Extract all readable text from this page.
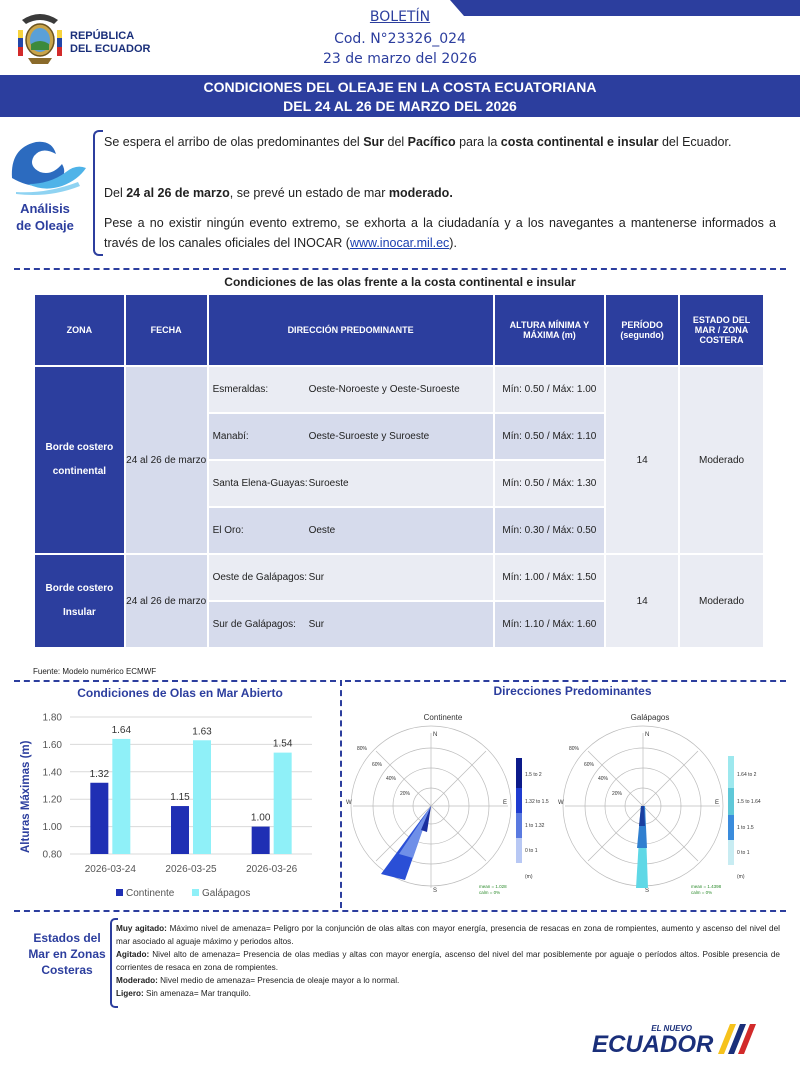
REPÚBLICA
DEL ECUADOR
BOLETÍN
Cod. N°23326_024
23 de marzo del 2026
CONDICIONES DEL OLEAJE EN LA COSTA ECUATORIANA
DEL 24 AL 26 DE MARZO DEL 2026
Análisis
de Oleaje
Se espera el arribo de olas predominantes del Sur del Pacífico para la costa continental e insular del Ecuador.
Del 24 al 26 de marzo, se prevé un estado de mar moderado.
Pese a no existir ningún evento extremo, se exhorta a la ciudadanía y a los navegantes a mantenerse informados a través de los canales oficiales del INOCAR (www.inocar.mil.ec).
Condiciones de las olas frente a la costa continental e insular
ZONA	FECHA	DIRECCIÓN PREDOMINANTE	ALTURA MÍNIMA Y MÁXIMA (m)	PERÍODO (segundo)	ESTADO DEL MAR / ZONA COSTERA

Borde costero
continental	24 al 26 de marzo	Esmeraldas: Oeste-Noroeste y Oeste-Suroeste	Mín: 0.50 / Máx: 1.00	14	Moderado
		Manabí: Oeste-Suroeste y Suroeste	Mín: 0.50 / Máx: 1.10		
		Santa Elena-Guayas:Suroeste	Mín: 0.50 / Máx: 1.30		
		El Oro: Oeste	Mín: 0.30 / Máx: 0.50		

Borde costero
Insular	24 al 26 de marzo	Oeste de Galápagos:Sur	Mín: 1.00 / Máx: 1.50	14	Moderado
		Sur de Galápagos: Sur	Mín: 1.10 / Máx: 1.60		
Fuente: Modelo numérico ECMWF
Condiciones de Olas en Mar Abierto
1.80
1.60
1.40
1.20
1.00
0.80
1.32
1.64
2026-03-24
1.15
1.63
2026-03-25
1.00
1.54
2026-03-26
Alturas Máximas (m)
Continente	Galápagos
Direcciones Predominantes
Continente
N
S
E
W
80%
60%
40%
20%
1.5 to 2
1.32 to 1.5
1 to 1.32
0 to 1
(m)
mean = 1.028
calm = 0%
Galápagos
N
S
E
W
80%
60%
40%
20%
1.64 to 2
1.5 to 1.64
1 to 1.5
0 to 1
(m)
mean = 1.4398
calm = 0%
Estados del
Mar en Zonas
Costeras
Muy agitado: Máximo nivel de amenaza= Peligro por la conjunción de olas altas con mayor energía, presencia de resacas en zona de rompientes, aumento y ascenso del nivel del mar asociado al aguaje máximo y periodos altos.
Agitado: Nivel alto de amenaza= Presencia de olas medias y altas con mayor energía, ascenso del nivel del mar posiblemente por aguaje o períodos altos. Posible presencia de corrientes de resaca en zona de rompientes.
Moderado: Nivel medio de amenaza= Presencia de oleaje mayor a lo normal.
Ligero: Sin amenaza= Mar tranquilo.
EL NUEVO
ECUADOR
